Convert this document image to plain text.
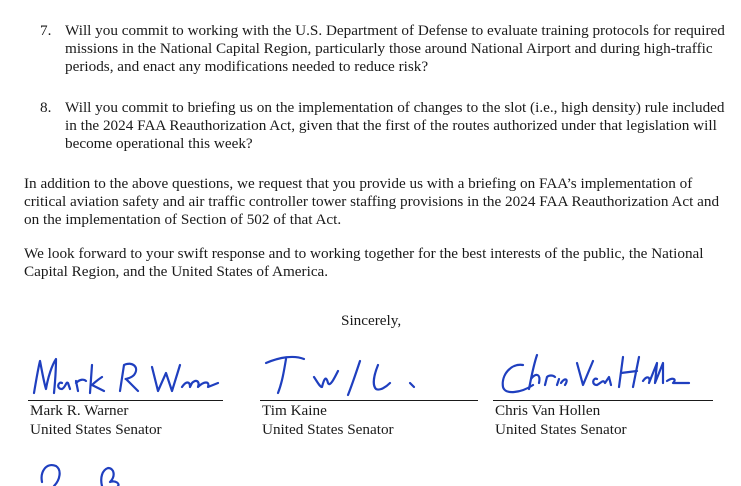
7. Will you commit to working with the U.S. Department of Defense to evaluate training protocols for required missions in the National Capital Region, particularly those around National Airport and during high-traffic periods, and enact any modifications needed to reduce risk?
8. Will you commit to briefing us on the implementation of changes to the slot (i.e., high density) rule included in the 2024 FAA Reauthorization Act, given that the first of the routes authorized under that legislation will become operational this week?
In addition to the above questions, we request that you provide us with a briefing on FAA’s implementation of critical aviation safety and air traffic controller tower staffing provisions in the 2024 FAA Reauthorization Act and on the implementation of Section of 502 of that Act.
We look forward to your swift response and to working together for the best interests of the public, the National Capital Region, and the United States of America.
Sincerely,
Mark R. Warner
United States Senator
Tim Kaine
United States Senator
Chris Van Hollen
United States Senator
